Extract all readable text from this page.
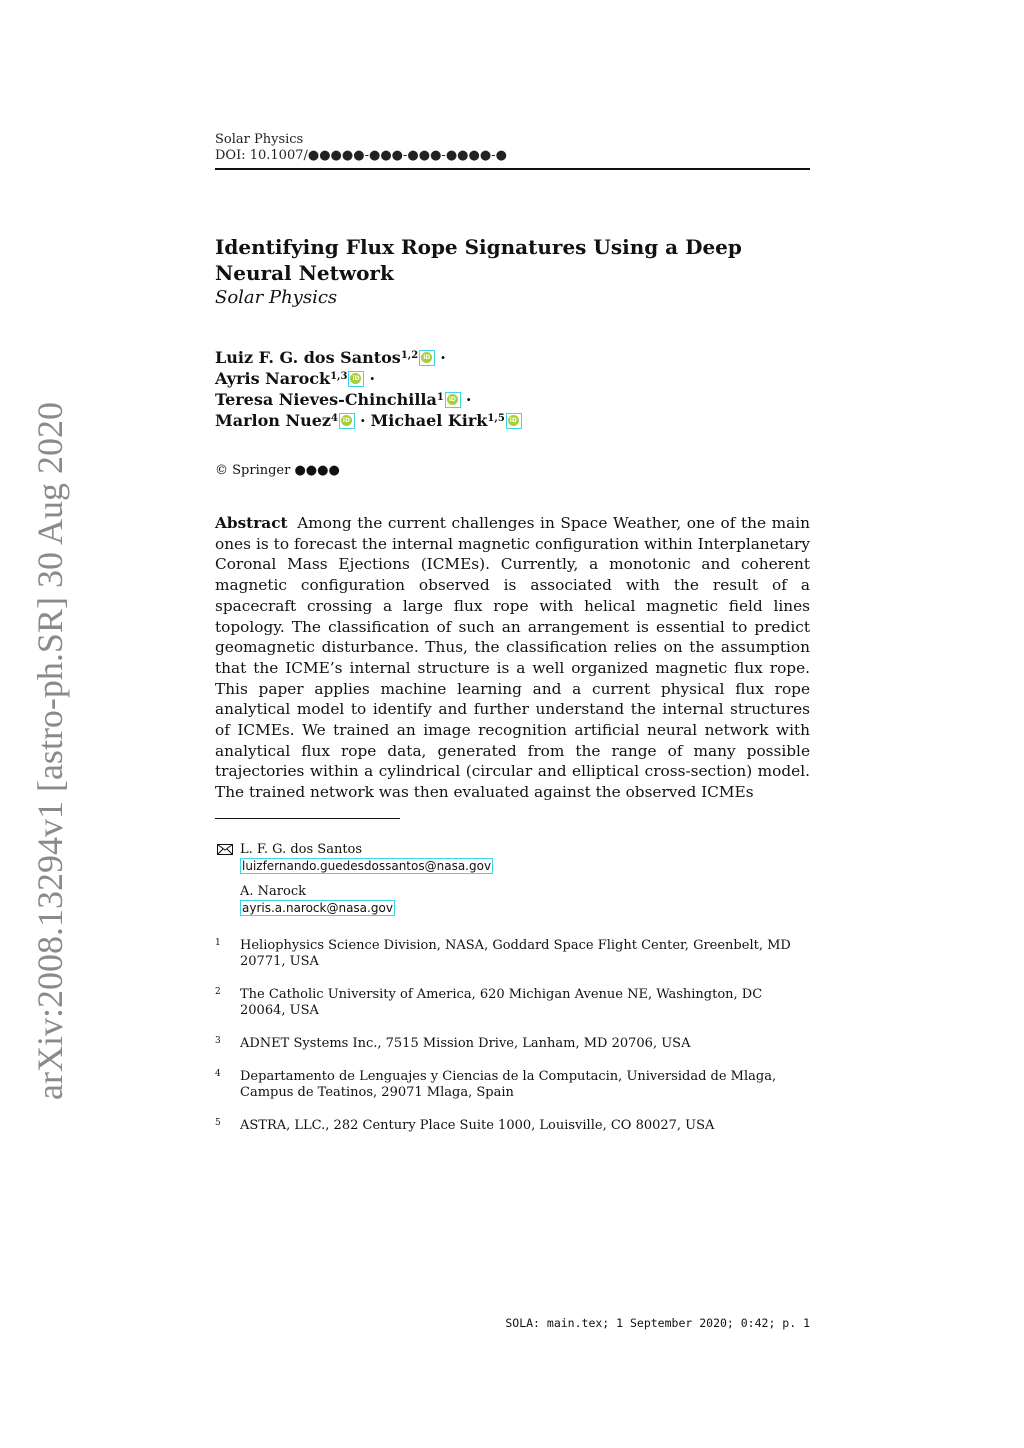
arXiv:2008.13294v1 [astro-ph.SR] 30 Aug 2020
Solar Physics
DOI: 10.1007/●●●●●-●●●-●●●-●●●●-●
Identifying Flux Rope Signatures Using a Deep Neural Network
Solar Physics
Luiz F. G. dos Santos$^{1,2}$ iD ·
Ayris Narock$^{1,3}$ iD ·
Teresa Nieves-Chinchilla$^1$ iD ·
Marlon Nuez$^4$ iD · Michael Kirk$^{1,5}$ iD
© Springer ●●●●
Abstract Among the current challenges in Space Weather, one of the main ones is to forecast the internal magnetic configuration within Interplanetary Coronal Mass Ejections (ICMEs). Currently, a monotonic and coherent magnetic configuration observed is associated with the result of a spacecraft crossing a large flux rope with helical magnetic field lines topology. The classification of such an arrangement is essential to predict geomagnetic disturbance. Thus, the classification relies on the assumption that the ICME’s internal structure is a well organized magnetic flux rope. This paper applies machine learning and a current physical flux rope analytical model to identify and further understand the internal structures of ICMEs. We trained an image recognition artificial neural network with analytical flux rope data, generated from the range of many possible trajectories within a cylindrical (circular and elliptical cross-section) model. The trained network was then evaluated against the observed ICMEs
L. F. G. dos Santos
luizfernando.guedesdossantos@nasa.gov
A. Narock
ayris.a.narock@nasa.gov
1 Heliophysics Science Division, NASA, Goddard Space Flight Center, Greenbelt, MD 20771, USA
2 The Catholic University of America, 620 Michigan Avenue NE, Washington, DC 20064, USA
3 ADNET Systems Inc., 7515 Mission Drive, Lanham, MD 20706, USA
4 Departamento de Lenguajes y Ciencias de la Computacin, Universidad de Mlaga, Campus de Teatinos, 29071 Mlaga, Spain
5 ASTRA, LLC., 282 Century Place Suite 1000, Louisville, CO 80027, USA
SOLA: main.tex; 1 September 2020; 0:42; p. 1
